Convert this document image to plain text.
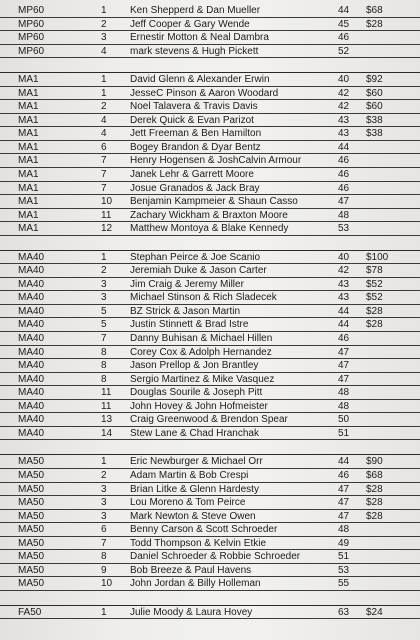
MP60	1 Ken Shepperd & Dan Mueller	44 $68
MP60	2 Jeff Cooper & Gary Wende	45 $28
MP60	3 Ernestir Motton & Neal Dambra	46
MP60	4 mark stevens & Hugh Pickett	52
MA1	1 David Glenn & Alexander Erwin	40 $92
MA1	1 JesseC Pinson & Aaron Woodard	42 $60
MA1	2 Noel Talavera & Travis Davis	42 $60
MA1	4 Derek Quick & Evan Parizot	43 $38
MA1	4 Jett Freeman & Ben Hamilton	43 $38
MA1	6 Bogey Brandon & Dyar Bentz	44
MA1	7 Henry Hogensen & JoshCalvin Armour	46
MA1	7 Janek Lehr & Garrett Moore	46
MA1	7 Josue Granados & Jack Bray	46
MA1	10 Benjamin Kampmeier & Shaun Casso	47
MA1	11 Zachary Wickham & Braxton Moore	48
MA1	12 Matthew Montoya & Blake Kennedy	53
MA40	1 Stephan Peirce & Joe Scanio	40 $100
MA40	2 Jeremiah Duke & Jason Carter	42 $78
MA40	3 Jim Craig & Jeremy Miller	43 $52
MA40	3 Michael Stinson & Rich Sladecek	43 $52
MA40	5 BZ Strick & Jason Martin	44 $28
MA40	5 Justin Stinnett & Brad Istre	44 $28
MA40	7 Danny Buhisan & Michael Hillen	46
MA40	8 Corey Cox & Adolph Hernandez	47
MA40	8 Jason Prellop & Jon Brantley	47
MA40	8 Sergio Martinez & Mike Vasquez	47
MA40	11 Douglas Sourile & Joseph Pitt	48
MA40	11 John Hovey & John Hofmeister	48
MA40	13 Craig Greenwood & Brendon Spear	50
MA40	14 Stew Lane & Chad Hranchak	51
MA50	1 Eric Newburger & Michael Orr	44 $90
MA50	2 Adam Martin & Bob Crespi	46 $68
MA50	3 Brian Litke & Glenn Hardesty	47 $28
MA50	3 Lou Moreno & Tom Peirce	47 $28
MA50	3 Mark Newton & Steve Owen	47 $28
MA50	6 Benny Carson & Scott Schroeder	48
MA50	7 Todd Thompson & Kelvin Etkie	49
MA50	8 Daniel Schroeder & Robbie Schroeder	51
MA50	9 Bob Breeze & Paul Havens	53
MA50	10 John Jordan & Billy Holleman	55
FA50	1 Julie Moody & Laura Hovey	63 $24
